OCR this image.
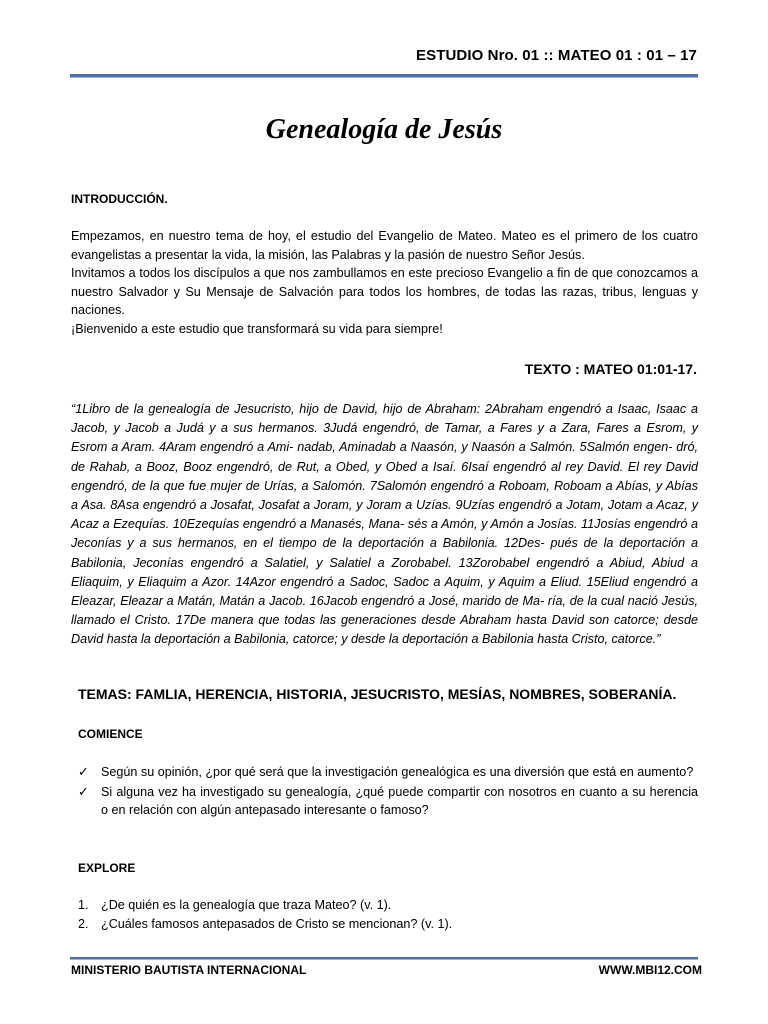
ESTUDIO Nro. 01 :: MATEO 01 : 01 – 17
Genealogía de Jesús
INTRODUCCIÓN.

Empezamos, en nuestro tema de hoy, el estudio del Evangelio de Mateo. Mateo es el primero de los cuatro evangelistas a presentar la vida, la misión, las Palabras y la pasión de nuestro Señor Jesús.

Invitamos a todos los discípulos a que nos zambullamos en este precioso Evangelio a fin de que conozcamos a nuestro Salvador y Su Mensaje de Salvación para todos los hombres, de todas las razas, tribus, lenguas y naciones.

¡Bienvenido a este estudio que transformará su vida para siempre!

TEXTO : MATEO 01:01-17.
“1Libro de la genealogía de Jesucristo, hijo de David, hijo de Abraham: 2Abraham engendró a Isaac, Isaac a Jacob, y Jacob a Judá y a sus hermanos. 3Judá engendró, de Tamar, a Fares y a Zara, Fares a Esrom, y Esrom a Aram. 4Aram engendró a Ami- nadab, Aminadab a Naasón, y Naasón a Salmón. 5Salmón engen- dró, de Rahab, a Booz, Booz engendró, de Rut, a Obed, y Obed a Isaí. 6Isaí engendró al rey David. El rey David engendró, de la que fue mujer de Urías, a Salomón. 7Salomón engendró a Roboam, Roboam a Abías, y Abías a Asa. 8Asa engendró a Josafat, Josafat a Joram, y Joram a Uzías. 9Uzías engendró a Jotam, Jotam a Acaz, y Acaz a Ezequías. 10Ezequías engendró a Manasés, Mana- sés a Amón, y Amón a Josías. 11Josías engendró a Jeconías y a sus hermanos, en el tiempo de la deportación a Babilonia. 12Des- pués de la deportación a Babilonia, Jeconías engendró a Salatiel, y Salatiel a Zorobabel. 13Zorobabel engendró a Abiud, Abiud a Eliaquim, y Eliaquim a Azor. 14Azor engendró a Sadoc, Sadoc a Aquim, y Aquim a Eliud. 15Eliud engendró a Eleazar, Eleazar a Matán, Matán a Jacob. 16Jacob engendró a José, marido de Ma- ría, de la cual nació Jesús, llamado el Cristo. 17De manera que todas las generaciones desde Abraham hasta David son catorce; desde David hasta la deportación a Babilonia, catorce; y desde la deportación a Babilonia hasta Cristo, catorce.”
TEMAS: FAMLIA, HERENCIA, HISTORIA, JESUCRISTO, MESÍAS, NOMBRES, SOBERANÍA.
COMIENCE
✓ Según su opinión, ¿por qué será que la investigación genealógica es una diversión que está en aumento?
✓ Si alguna vez ha investigado su genealogía, ¿qué puede compartir con nosotros en cuanto a su herencia o en relación con algún antepasado interesante o famoso?
EXPLORE
1. ¿De quién es la genealogía que traza Mateo? (v. 1).
2. ¿Cuáles famosos antepasados de Cristo se mencionan? (v. 1).
MINISTERIO BAUTISTA INTERNACIONAL	WWW.MBI12.COM
